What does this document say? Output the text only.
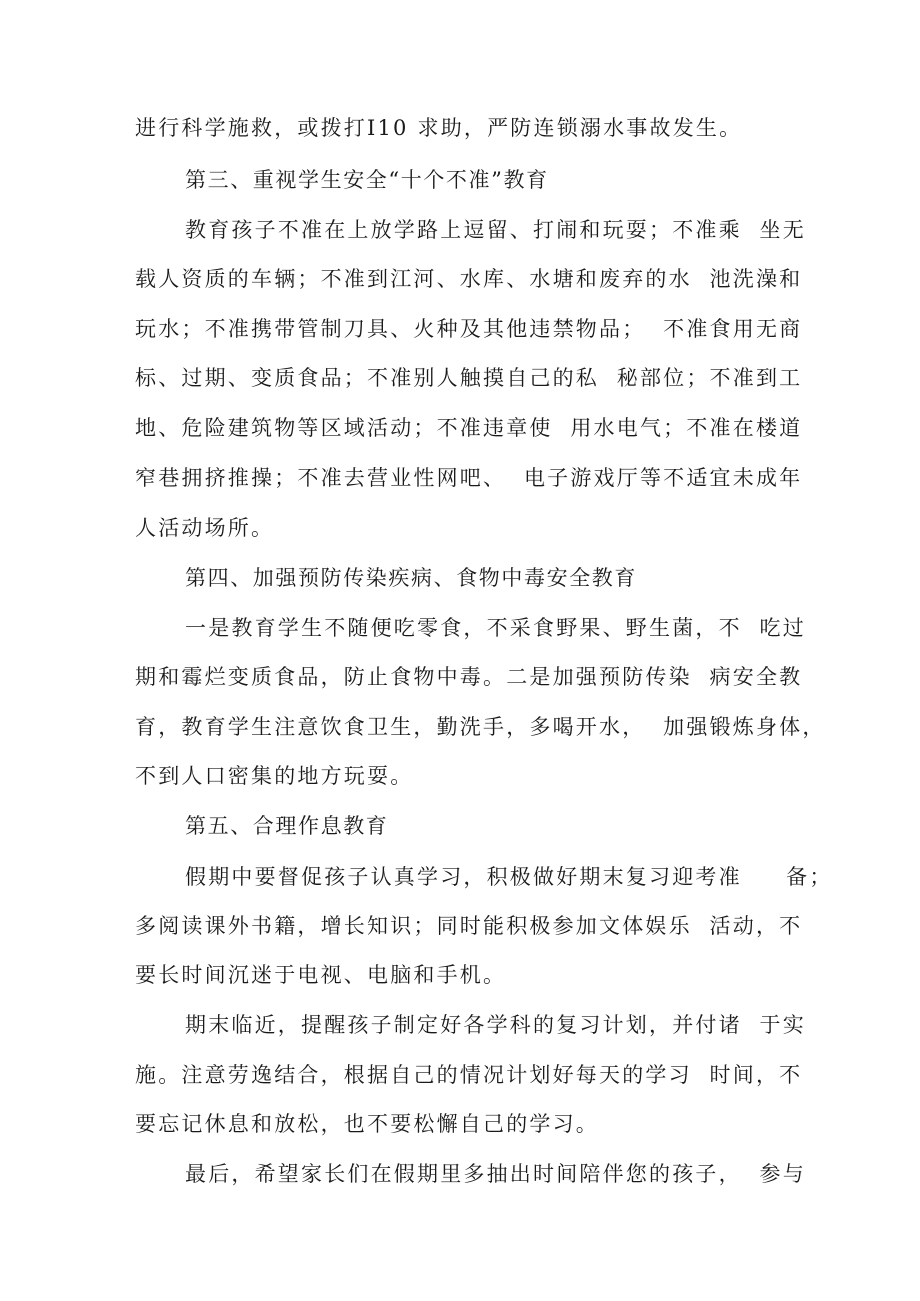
进行科学施救，或拨打I10 求助，严防连锁溺水事故发生。
第三、重视学生安全“十个不准”教育
教育孩子不准在上放学路上逗留、打闹和玩耍；不准乘  坐无
载人资质的车辆；不准到江河、水库、水塘和废弃的水  池洗澡和
玩水；不准携带管制刀具、火种及其他违禁物品；  不准食用无商
标、过期、变质食品；不准别人触摸自己的私  秘部位；不准到工
地、危险建筑物等区域活动；不准违章使  用水电气；不准在楼道
窄巷拥挤推操；不准去营业性网吧、  电子游戏厅等不适宜未成年
人活动场所。
第四、加强预防传染疾病、食物中毒安全教育
一是教育学生不随便吃零食，不采食野果、野生菌，不  吃过
期和霉烂变质食品，防止食物中毒。二是加强预防传染  病安全教
育，教育学生注意饮食卫生，勤洗手，多喝开水，  加强锻炼身体，
不到人口密集的地方玩耍。
第五、合理作息教育
假期中要督促孩子认真学习，积极做好期末复习迎考准     备；
多阅读课外书籍，增长知识；同时能积极参加文体娱乐  活动，不
要长时间沉迷于电视、电脑和手机。
期末临近，提醒孩子制定好各学科的复习计划，并付诸  于实
施。注意劳逸结合，根据自己的情况计划好每天的学习  时间，不
要忘记休息和放松，也不要松懈自己的学习。
最后，希望家长们在假期里多抽出时间陪伴您的孩子，  参与
